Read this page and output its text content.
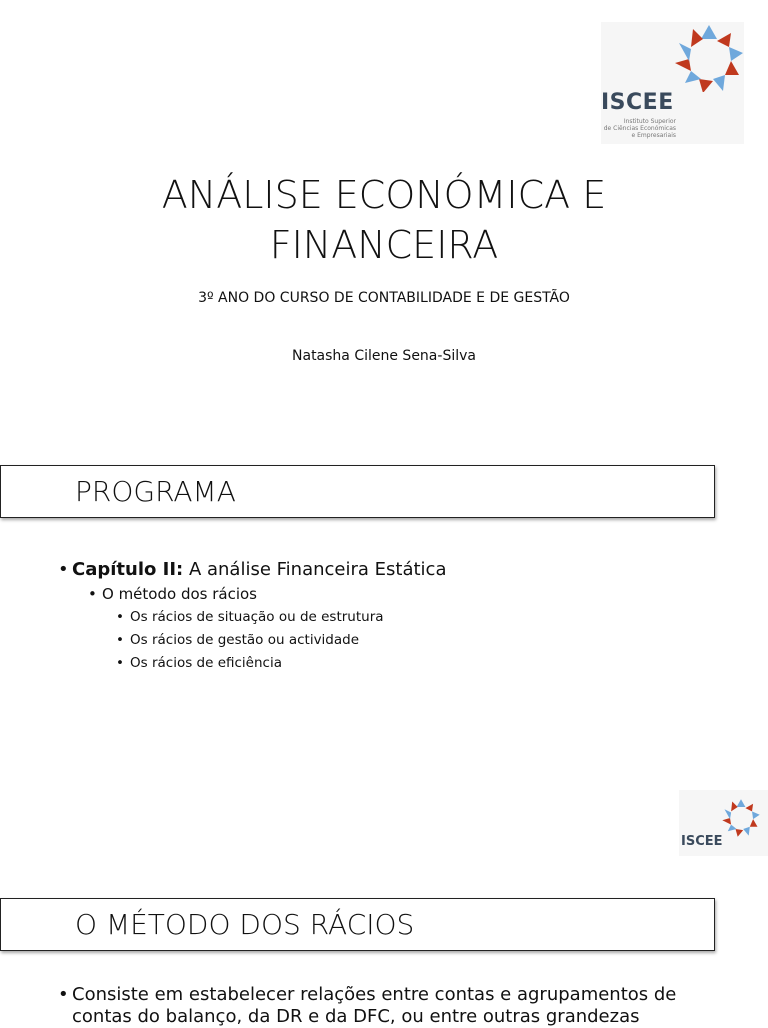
ISCEE
Instituto Superior
de Ciências Económicas
e Empresariais
ANÁLISE ECONÓMICA E
FINANCEIRA
3º ANO DO CURSO DE CONTABILIDADE E DE GESTÃO
Natasha Cilene Sena-Silva
PROGRAMA
• Capítulo II: A análise Financeira Estática
• O método dos rácios
• Os rácios de situação ou de estrutura
• Os rácios de gestão ou actividade
• Os rácios de eficiência
ISCEE
O MÉTODO DOS RÁCIOS
• Consiste em estabelecer relações entre contas e agrupamentos de
contas do balanço, da DR e da DFC, ou entre outras grandezas
